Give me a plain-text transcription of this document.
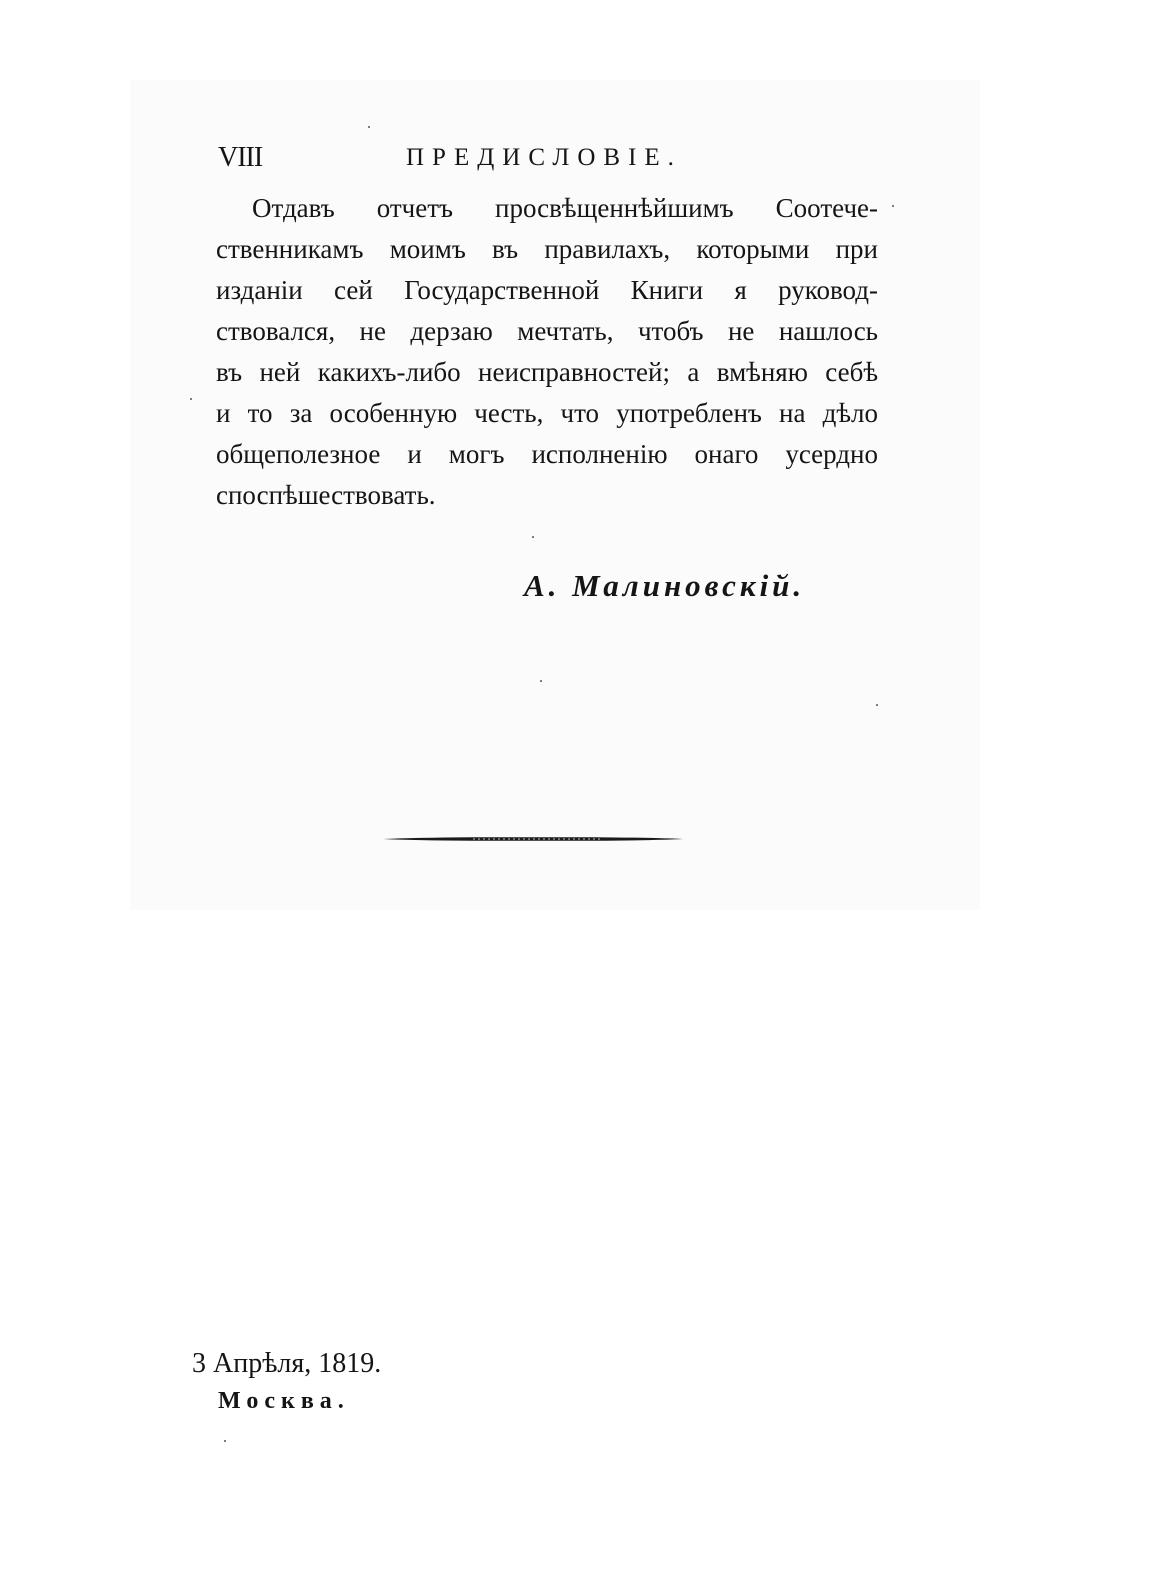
VIII	ПРЕДИСЛОВІЕ.
Отдавъ отчетъ просвѣщеннѣйшимъ Соотече-
ственникамъ моимъ въ правилахъ, которыми при
изданіи сей Государственной Книги я руковод-
ствовался, не дерзаю мечтать, чтобъ не нашлось
въ ней какихъ-либо неисправностей; а вмѣняю себѣ
и то за особенную честь, что употребленъ на дѣло
общеполезное и могъ исполненію онаго усердно
споспѣшествовать.
А. Малиновскій.
3 Апрѣля, 1819.
Москва.
